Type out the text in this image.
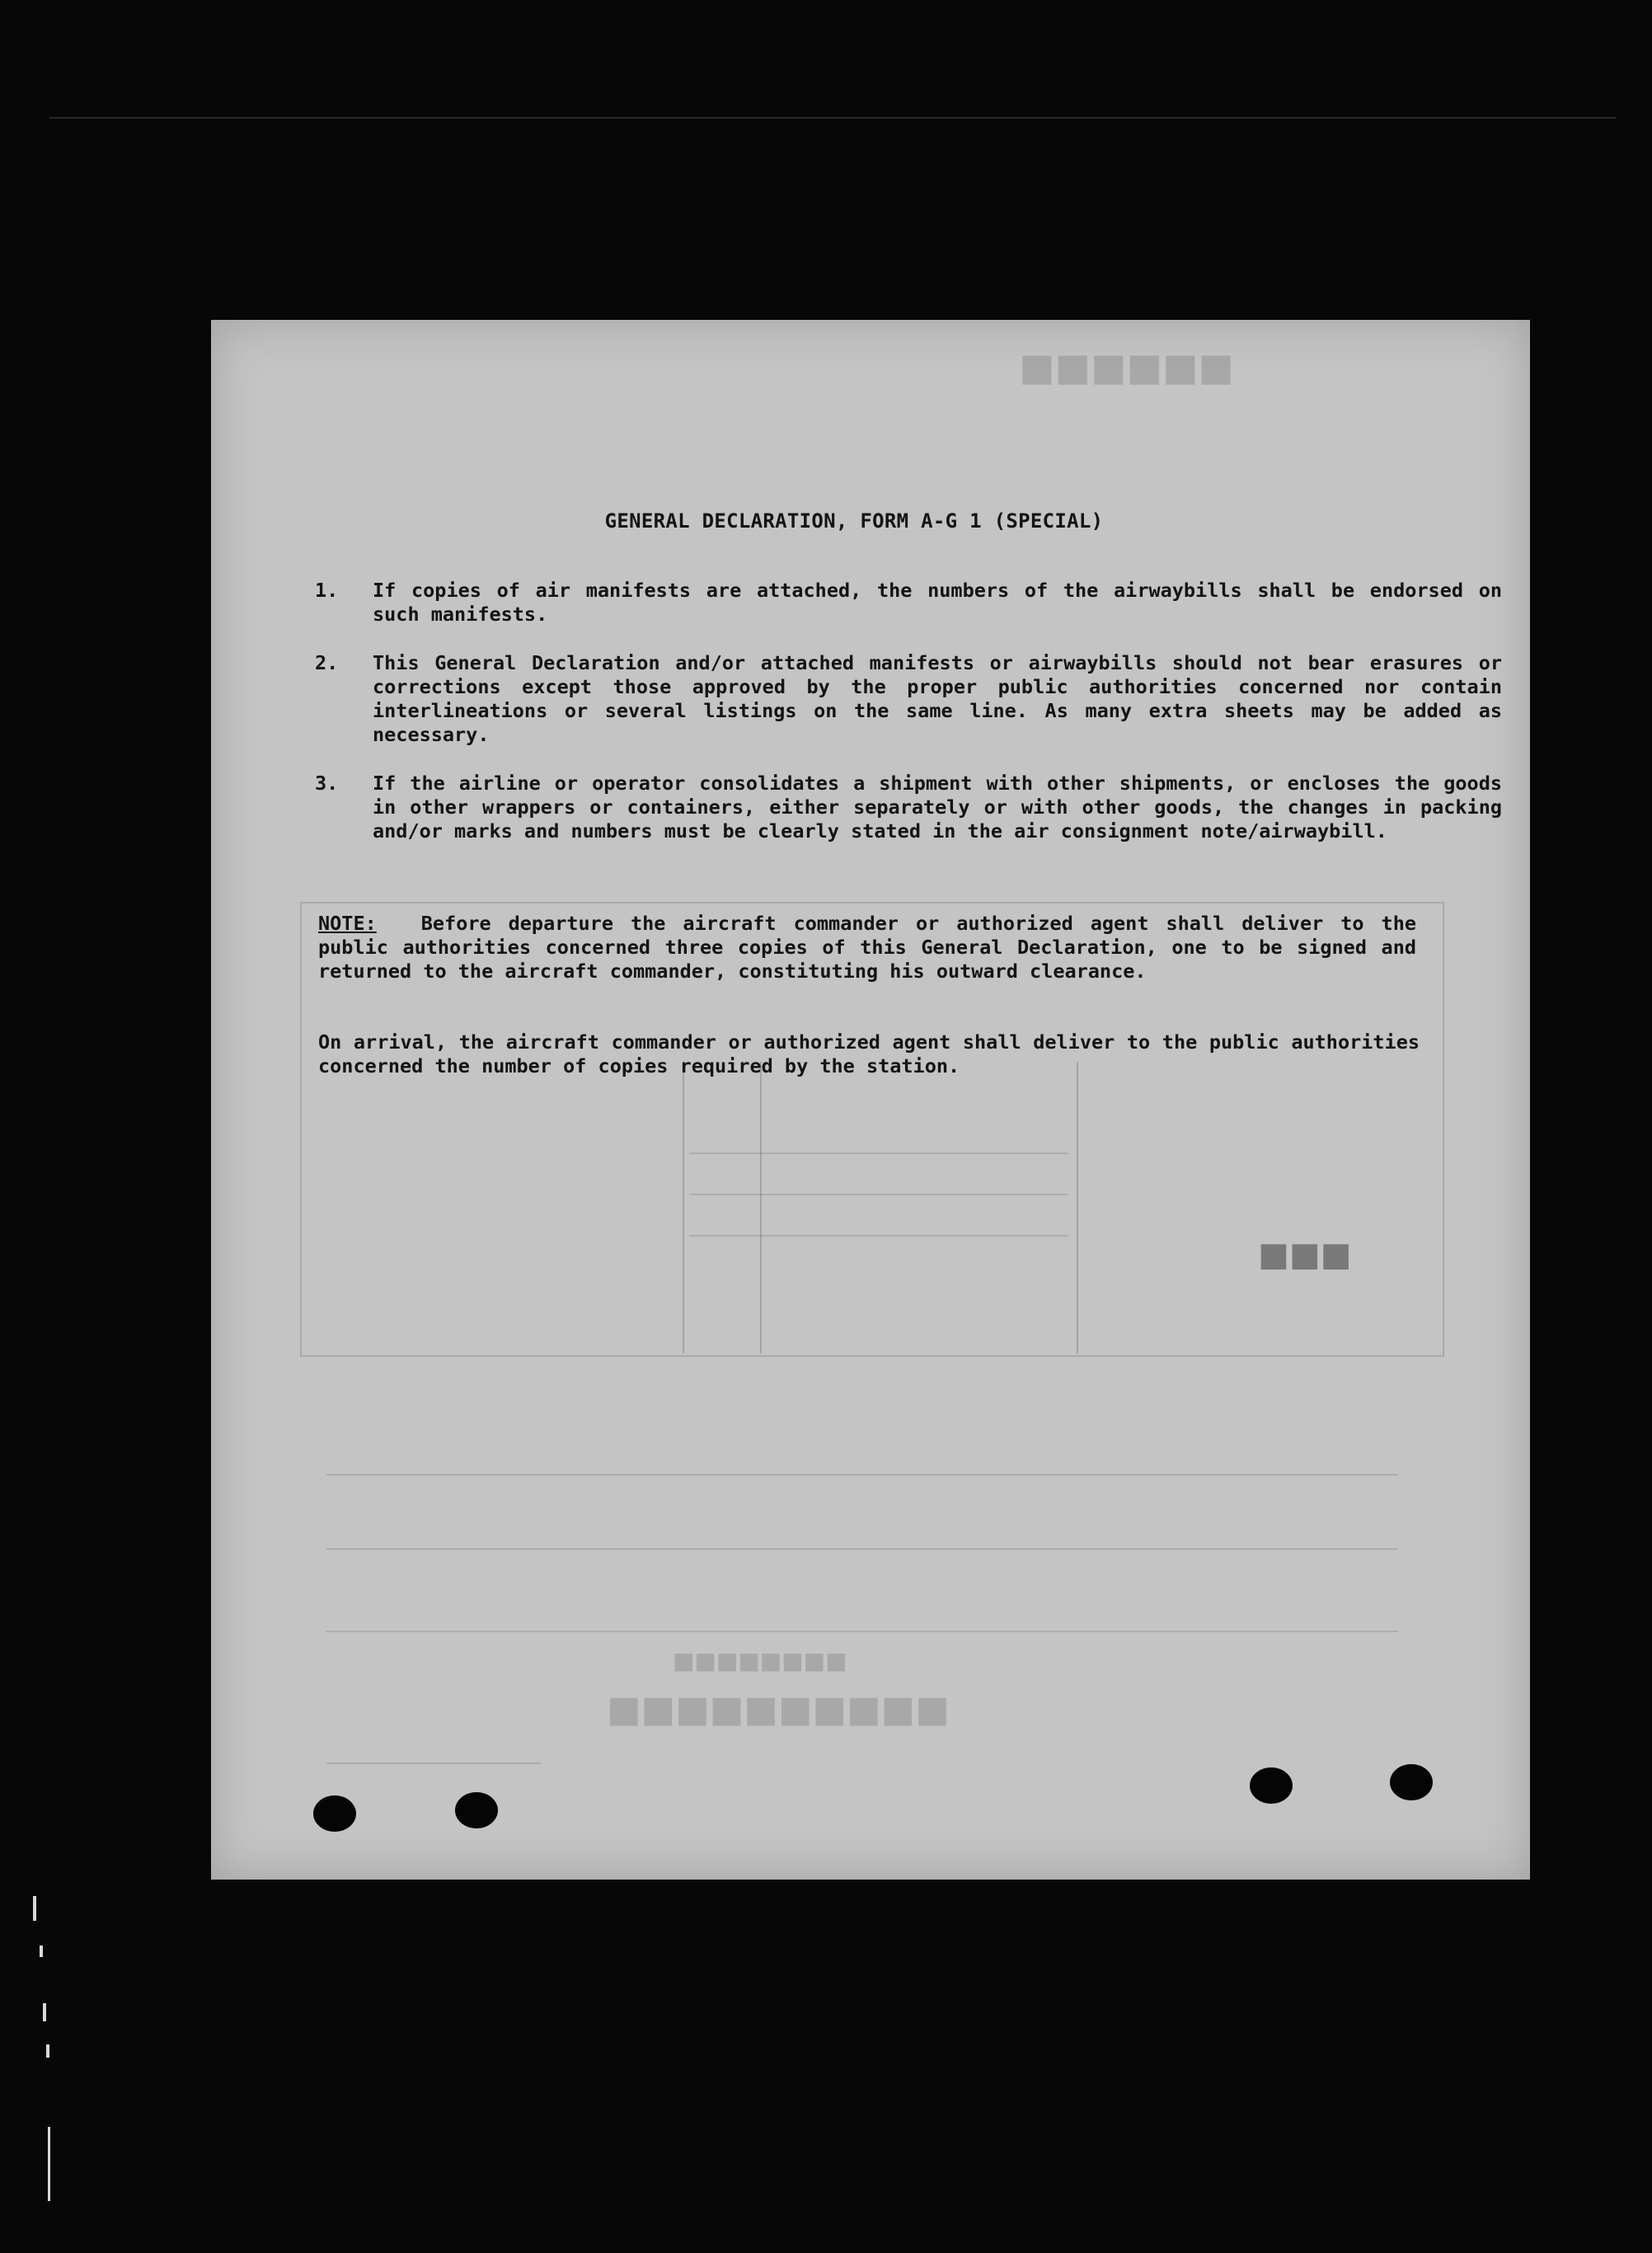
■■■■■■
■■■■■■■■■■
■■■■■■■■
■■■
GENERAL DECLARATION, FORM A-G 1 (SPECIAL)
1.	If copies of air manifests are attached, the numbers of the airwaybills shall be endorsed on such manifests.
2.	This General Declaration and/or attached manifests or airwaybills should not bear erasures or corrections except those approved by the proper public authorities concerned nor contain interlineations or several listings on the same line. As many extra sheets may be added as necessary.
3.	If the airline or operator consolidates a shipment with other shipments, or encloses the goods in other wrappers or containers, either separately or with other goods, the changes in packing and/or marks and numbers must be clearly stated in the air consignment note/airwaybill.
NOTE: Before departure the aircraft commander or authorized agent shall deliver to the public authorities concerned three copies of this General Declaration, one to be signed and returned to the aircraft commander, constituting his outward clearance.
On arrival, the aircraft commander or authorized agent shall deliver to the public authorities concerned the number of copies required by the station.
